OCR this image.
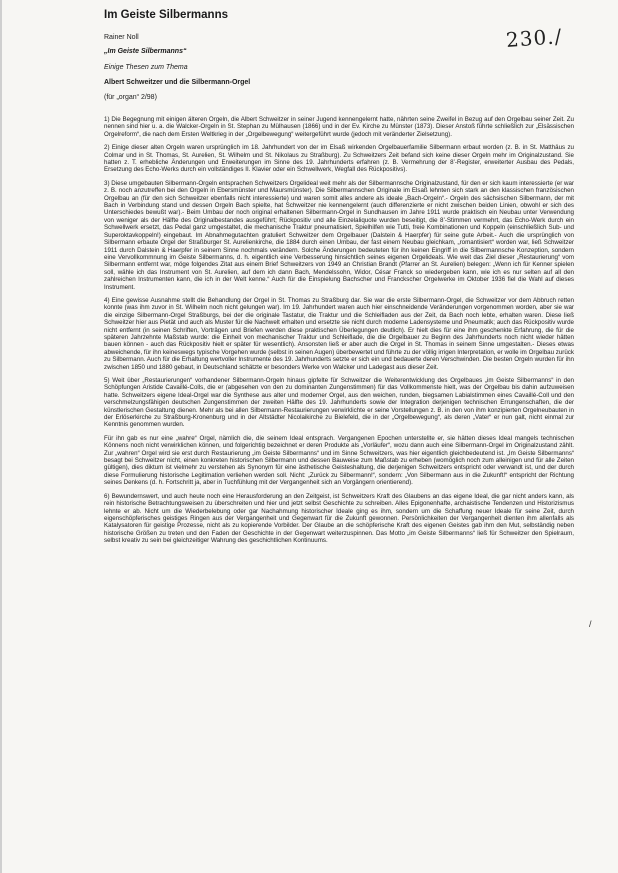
Im Geiste Silbermanns
Rainer Noll
„Im Geiste Silbermanns“
Einige Thesen zum Thema
Albert Schweitzer und die Silbermann-Orgel
(für „organ“ 2/98)
230./

1) Die Begegnung mit einigen älteren Orgeln, die Albert Schweitzer in seiner Jugend kennengelernt hatte, nährten seine Zweifel in Bezug auf den Orgelbau seiner Zeit. Zu nennen sind hier u. a. die Walcker-Orgeln in St. Stephan zu Mülhausen (1866) und in der Ev. Kirche zu Münster (1873). Dieser Anstoß führte schließlich zur „Elsässischen Orgelreform“, die nach dem Ersten Weltkrieg in der „Orgelbewegung“ weitergeführt wurde (jedoch mit veränderter Zielsetzung).

2) Einige dieser alten Orgeln waren ursprünglich im 18. Jahrhundert von der im Elsaß wirkenden Orgelbauerfamilie Silbermann erbaut worden (z. B. in St. Matthäus zu Colmar und in St. Thomas, St. Aurelien, St. Wilhelm und St. Nikolaus zu Straßburg). Zu Schweitzers Zeit befand sich keine dieser Orgeln mehr im Originalzustand. Sie hatten z. T. erhebliche Änderungen und Erweiterungen im Sinne des 19. Jahrhunderts erfahren (z. B. Vermehrung der 8’-Register, erweiterter Ausbau des Pedals, Ersetzung des Echo-Werks durch ein vollständiges II. Klavier oder ein Schwellwerk, Wegfall des Rückpositivs).

3) Diese umgebauten Silbermann-Orgeln entsprachen Schweitzers Orgelideal weit mehr als der Silbermannsche Originalzustand, für den er sich kaum interessierte (er war z. B. noch anzutreffen bei den Orgeln in Ebersmünster und Maursmünster). Die Silbermannschen Originale im Elsaß lehnten sich stark an den klassischen französischen Orgelbau an (für den sich Schweitzer ebenfalls nicht interessierte) und waren somit alles andere als ideale „Bach-Orgeln“.- Orgeln des sächsischen Silbermann, der mit Bach in Verbindung stand und dessen Orgeln Bach spielte, hat Schweitzer nie kennengelernt (auch differenzierte er nicht zwischen beiden Linien, obwohl er sich des Unterschiedes bewußt war).- Beim Umbau der noch original erhaltenen Silbermann-Orgel in Sundhausen im Jahre 1911 wurde praktisch ein Neubau unter Verwendung von weniger als der Hälfte des Originalbestandes ausgeführt; Rückpositiv und alle Einzelaliquote wurden beseitigt, die 8’-Stimmen vermehrt, das Echo-Werk durch ein Schwellwerk ersetzt, das Pedal ganz umgestaltet, die mechanische Traktur pneumatisiert, Spielhilfen wie Tutti, freie Kombinationen und Koppeln (einschließlich Sub- und Superoktavkoppeln!) eingebaut. Im Abnahmegutachten gratuliert Schweitzer dem Orgelbauer (Dalstein & Haerpfer) für seine gute Arbeit.- Auch die ursprünglich von Silbermann erbaute Orgel der Straßburger St. Aurelienkirche, die 1884 durch einen Umbau, der fast einem Neubau gleichkam, „romantisiert“ worden war, ließ Schweitzer 1911 durch Dalstein & Haerpfer in seinem Sinne nochmals verändern. Solche Änderungen bedeuteten für ihn keinen Eingriff in die Silbermannsche Konzeption, sondern eine Vervollkommnung im Geiste Silbermanns, d. h. eigentlich eine Verbesserung hinsichtlich seines eigenen Orgelideals. Wie weit das Ziel dieser „Restaurierung“ vom Silbermann entfernt war, möge folgendes Zitat aus einem Brief Schweitzers von 1949 an Christian Brandt (Pfarrer an St. Aurelien) belegen: „Wenn ich für Kenner spielen soll, wähle ich das Instrument von St. Aurelien, auf dem ich dann Bach, Mendelssohn, Widor, César Franck so wiedergeben kann, wie ich es nur selten auf all den zahlreichen Instrumenten kann, die ich in der Welt kenne.“ Auch für die Einspielung Bachscher und Franckscher Orgelwerke im Oktober 1936 fiel die Wahl auf dieses Instrument.

4) Eine gewisse Ausnahme stellt die Behandlung der Orgel in St. Thomas zu Straßburg dar. Sie war die erste Silbermann-Orgel, die Schweitzer vor dem Abbruch retten konnte (was ihm zuvor in St. Wilhelm noch nicht gelungen war). Im 19. Jahrhundert waren auch hier einschneidende Veränderungen vorgenommen worden, aber sie war die einzige Silbermann-Orgel Straßburgs, bei der die originale Tastatur, die Traktur und die Schleifladen aus der Zeit, da Bach noch lebte, erhalten waren. Diese ließ Schweitzer hier aus Pietät und auch als Muster für die Nachwelt erhalten und ersetzte sie nicht durch moderne Ladensysteme und Pneumatik; auch das Rückpositiv wurde nicht entfernt (in seinen Schriften, Vorträgen und Briefen werden diese praktischen Überlegungen deutlich). Er hielt dies für eine ihm geschenkte Erfahrung, die für die späteren Jahrzehnte Maßstab wurde: die Einheit von mechanischer Traktur und Schleiflade, die die Orgelbauer zu Beginn des Jahrhunderts noch nicht wieder hätten bauen können - auch das Rückpositiv hielt er später für wesentlich). Ansonsten ließ er aber auch die Orgel in St. Thomas in seinem Sinne umgestalten.- Dieses etwas abweichende, für ihn keineswegs typische Vorgehen wurde (selbst in seinen Augen) überbewertet und führte zu der völlig irrigen Interpretation, er wolle im Orgelbau zurück zu Silbermann. Auch für die Erhaltung wertvoller Instrumente des 19. Jahrhunderts setzte er sich ein und bedauerte deren Verschwinden. Die besten Orgeln wurden für ihn zwischen 1850 und 1880 gebaut, in Deutschland schätzte er besonders Werke von Walcker und Ladegast aus dieser Zeit.

5) Weit über „Restaurierungen“ vorhandener Silbermann-Orgeln hinaus gipfelte für Schweitzer die Weiterentwicklung des Orgelbaues „im Geiste Silbermanns“ in den Schöpfungen Aristide Cavaillé-Colls, die er (abgesehen von den zu dominanten Zungenstimmen) für das Vollkommenste hielt, was der Orgelbau bis dahin aufzuweisen hatte. Schweitzers eigene Ideal-Orgel war die Synthese aus alter und moderner Orgel, aus den weichen, runden, biegsamen Labialstimmen eines Cavaillé-Coll und den verschmelzungsfähigen deutschen Zungenstimmen der zweiten Hälfte des 19. Jahrhunderts sowie der Integration derjenigen technischen Errungenschaften, die der künstlerischen Gestaltung dienen. Mehr als bei allen Silbermann-Restaurierungen verwirklichte er seine Vorstellungen z. B. in den von ihm konzipierten Orgelneubauten in der Erlöserkirche zu Straßburg-Kronenburg und in der Altstädter Nicolaikirche zu Bielefeld, die in der „Orgelbewegung“, als deren „Vater“ er nun galt, nicht einmal zur Kenntnis genommen wurden.

Für ihn gab es nur eine „wahre“ Orgel, nämlich die, die seinem Ideal entsprach. Vergangenen Epochen unterstellte er, sie hätten dieses Ideal mangels technischen Könnens noch nicht verwirklichen können, und folgerichtig bezeichnet er deren Produkte als „Vorläufer“, wozu dann auch eine Silbermann-Orgel im Originalzustand zählt. Zur „wahren“ Orgel wird sie erst durch Restaurierung „im Geiste Silbermanns“ und im Sinne Schweitzers, was hier eigentlich gleichbedeutend ist. „Im Geiste Silbermanns“ besagt bei Schweitzer nicht, einen konkreten historischen Silbermann und dessen Bauweise zum Maßstab zu erheben (womöglich noch zum alleinigen und für alle Zeiten gültigen), dies diktum ist vielmehr zu verstehen als Synonym für eine ästhetische Geisteshaltung, die derjenigen Schweitzers entspricht oder verwandt ist, und der durch diese Formulierung historische Legitimation verliehen werden soll. Nicht: „Zurück zu Silbermann!“, sondern: „Von Silbermann aus in die Zukunft!“ entspricht der Richtung seines Denkens (d. h. Fortschritt ja, aber in Tuchfühlung mit der Vergangenheit sich an Vorgängern orientierend).

6) Bewundernswert, und auch heute noch eine Herausforderung an den Zeitgeist, ist Schweitzers Kraft des Glaubens an das eigene Ideal, die gar nicht anders kann, als rein historische Betrachtungsweisen zu überschreiten und hier und jetzt selbst Geschichte zu schreiben. Alles Epigonenhafte, archaistische Tendenzen und Historizismus lehnte er ab. Nicht um die Wiederbelebung oder gar Nachahmung historischer Ideale ging es ihm, sondern um die Schaffung neuer Ideale für seine Zeit, durch eigenschöpferisches geistiges Ringen aus der Vergangenheit und Gegenwart für die Zukunft gewonnen. Persönlichkeiten der Vergangenheit dienten ihm allenfalls als Katalysatoren für geistige Prozesse, nicht als zu kopierende Vorbilder. Der Glaube an die schöpferische Kraft des eigenen Geistes gab ihm den Mut, selbständig neben historische Größen zu treten und den Faden der Geschichte in der Gegenwart weiterzuspinnen. Das Motto „im Geiste Silbermanns“ ließ für Schweitzer den Spielraum, selbst kreativ zu sein bei gleichzeitiger Wahrung des geschichtlichen Kontinuums.

/
